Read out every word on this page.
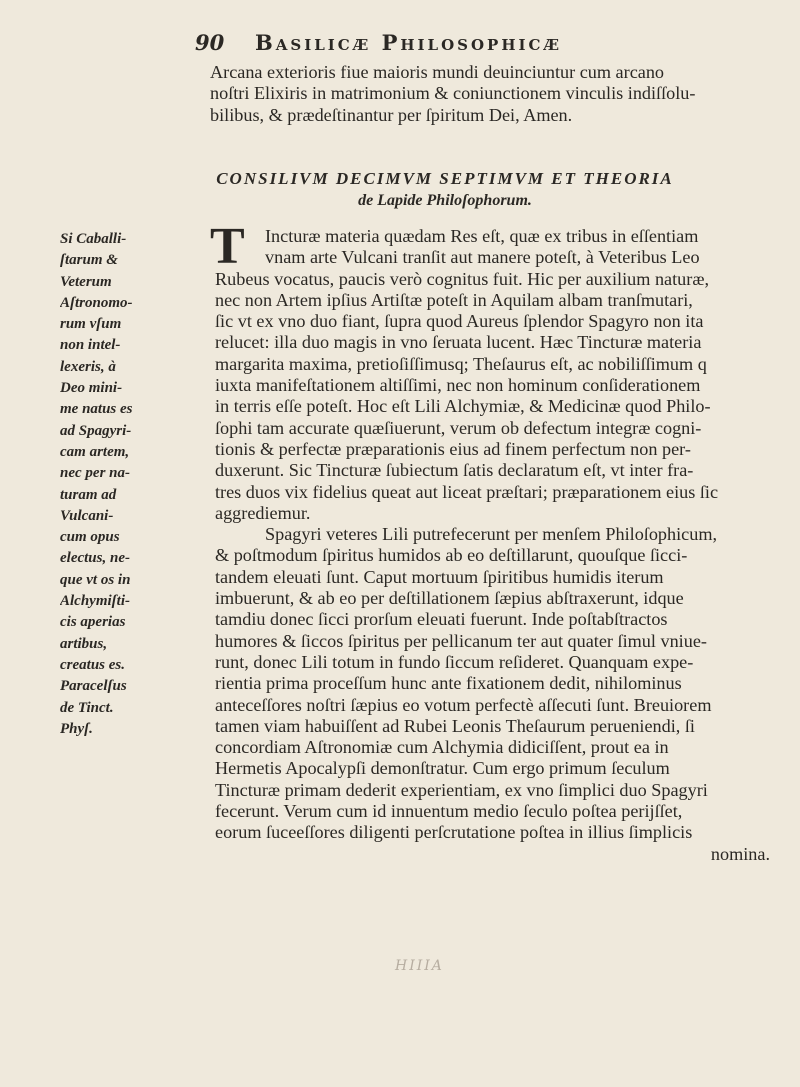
90 Basilicæ Philosophicæ
Arcana exterioris fiue maioris mundi deuinciuntur cum arcano
noſtri Elixiris in matrimonium & coniunctionem vinculis indiſſolu-
bilibus, & prædeſtinantur per ſpiritum Dei, Amen.
CONSILIVM DECIMVM SEPTIMVM ET THEORIA
de Lapide Philoſophorum.
Si Caballi-
ſtarum &
Veterum
Aſtronomo-
rum vſum
non intel-
lexeris, à
Deo mini-
me natus es
ad Spagyri-
cam artem,
nec per na-
turam ad
Vulcani-
cum opus
electus, ne-
que vt os in
Alchymiſti-
cis aperias
artibus,
creatus es.
Paracelſus
de Tinct.
Phyſ.
T	Incturæ materia quædam Res eſt, quæ ex tribus in eſſentiam
vnam arte Vulcani tranſit aut manere poteſt, à Veteribus Leo
Rubeus vocatus, paucis verò cognitus fuit. Hic per auxilium naturæ,
nec non Artem ipſius Artiſtæ poteſt in Aquilam albam tranſmutari,
ſic vt ex vno duo fiant, ſupra quod Aureus ſplendor Spagyro non ita
relucet: illa duo magis in vno ſeruata lucent. Hæc Tincturæ materia
margarita maxima, pretioſiſſimusq; Theſaurus eſt, ac nobiliſſimum q
iuxta manifeſtationem altiſſimi, nec non hominum conſiderationem
in terris eſſe poteſt. Hoc eſt Lili Alchymiæ, & Medicinæ quod Philo-
ſophi tam accurate quæſiuerunt, verum ob defectum integræ cogni-
tionis & perfectæ præparationis eius ad finem perfectum non per-
duxerunt. Sic Tincturæ ſubiectum ſatis declaratum eſt, vt inter fra-
tres duos vix fidelius queat aut liceat præſtari; præparationem eius ſic
aggrediemur.
Spagyri veteres Lili putrefecerunt per menſem Philoſophicum,
& poſtmodum ſpiritus humidos ab eo deſtillarunt, quouſque ſicci-
tandem eleuati ſunt. Caput mortuum ſpiritibus humidis iterum
imbuerunt, & ab eo per deſtillationem ſæpius abſtraxerunt, idque
tamdiu donec ſicci prorſum eleuati fuerunt. Inde poſtabſtractos
humores & ſiccos ſpiritus per pellicanum ter aut quater ſimul vniue-
runt, donec Lili totum in fundo ſiccum reſideret. Quanquam expe-
rientia prima proceſſum hunc ante fixationem dedit, nihilominus
anteceſſores noſtri ſæpius eo votum perfectè aſſecuti ſunt. Breuiorem
tamen viam habuiſſent ad Rubei Leonis Theſaurum perueniendi, ſi
concordiam Aſtronomiæ cum Alchymia didiciſſent, prout ea in
Hermetis Apocalypſi demonſtratur. Cum ergo primum ſeculum
Tincturæ primam dederit experientiam, ex vno ſimplici duo Spagyri
fecerunt. Verum cum id innuentum medio ſeculo poſtea perijſſet,
eorum ſuceeſſores diligenti perſcrutatione poſtea in illius ſimplicis
nomina.
HIIIA
